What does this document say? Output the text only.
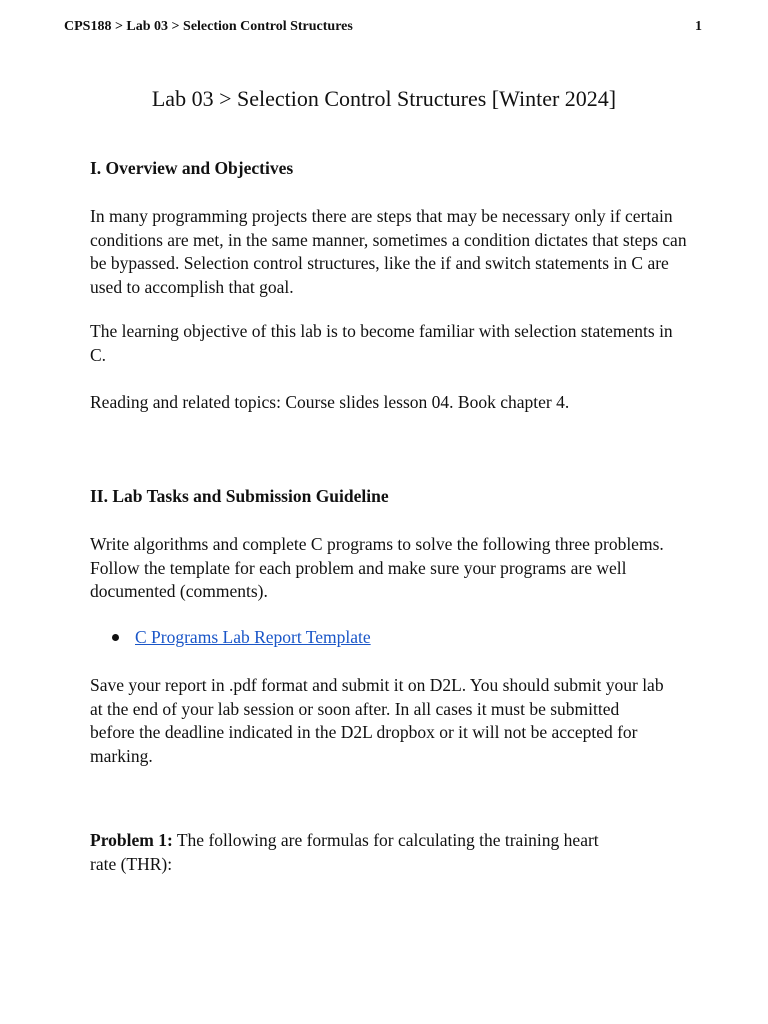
CPS188 > Lab 03 > Selection Control Structures	1
Lab 03 > Selection Control Structures [Winter 2024]
I. Overview and Objectives

In many programming projects there are steps that may be necessary only if certain conditions are met, in the same manner, sometimes a condition dictates that steps can be bypassed. Selection control structures, like the if and switch statements in C are used to accomplish that goal.

The learning objective of this lab is to become familiar with selection statements in C.

Reading and related topics: Course slides lesson 04. Book chapter 4.

II. Lab Tasks and Submission Guideline

Write algorithms and complete C programs to solve the following three problems. Follow the template for each problem and make sure your programs are well documented (comments).

C Programs Lab Report Template

Save your report in .pdf format and submit it on D2L. You should submit your lab at the end of your lab session or soon after. In all cases it must be submitted before the deadline indicated in the D2L dropbox or it will not be accepted for marking.

Problem 1: The following are formulas for calculating the training heart rate (THR):
